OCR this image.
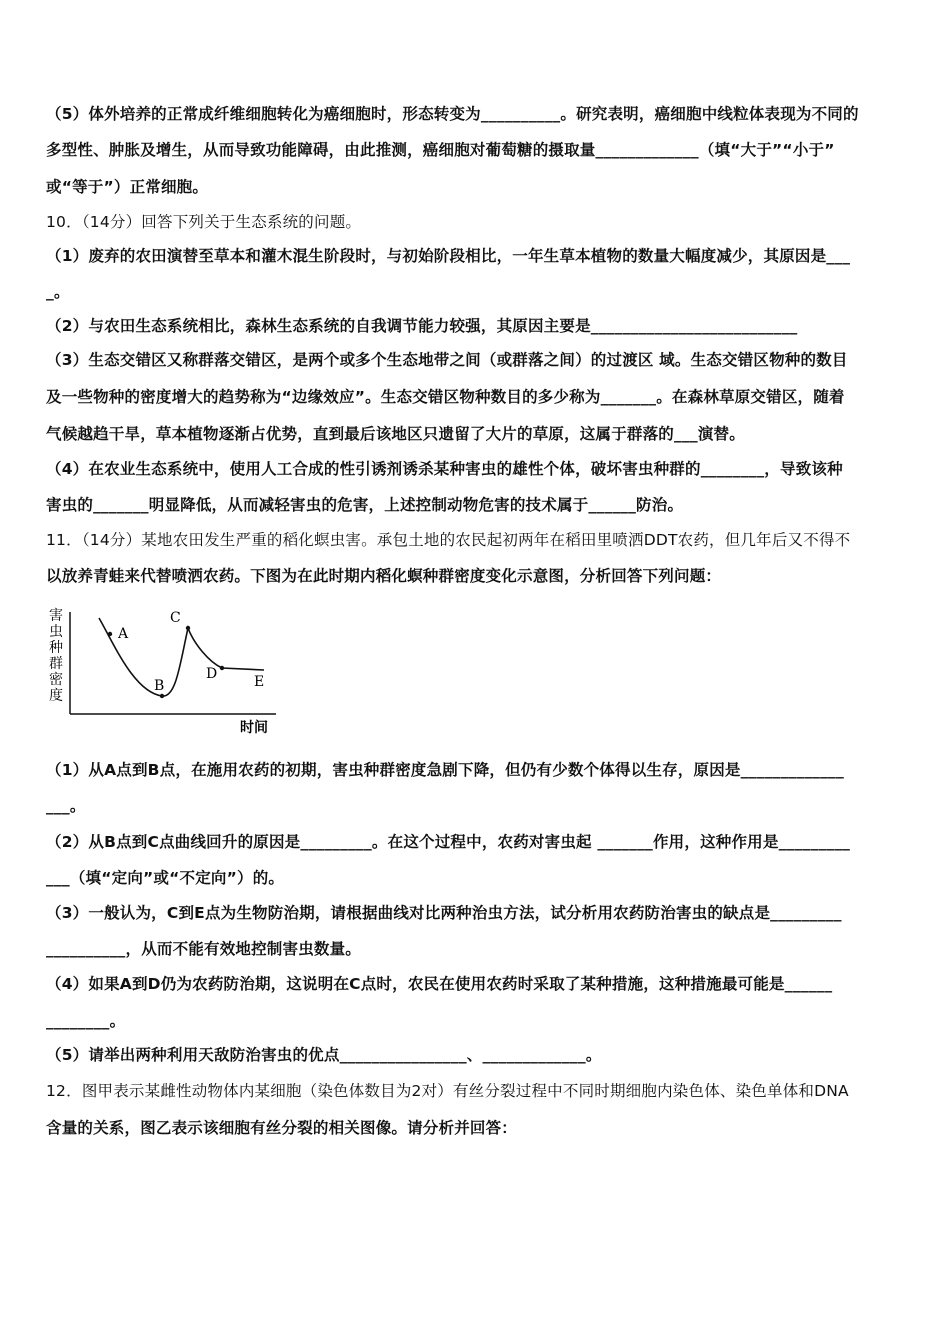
（5）体外培养的正常成纤维细胞转化为癌细胞时，形态转变为__________。研究表明，癌细胞中线粒体表现为不同的
多型性、肿胀及增生，从而导致功能障碍，由此推测，癌细胞对葡萄糖的摄取量_____________（填“大于”“小于”
或“等于”）正常细胞。
10．（14分）回答下列关于生态系统的问题。
（1）废弃的农田演替至草本和灌木混生阶段时，与初始阶段相比，一年生草本植物的数量大幅度减少，其原因是___
_。
（2）与农田生态系统相比，森林生态系统的自我调节能力较强，其原因主要是__________________________
（3）生态交错区又称群落交错区，是两个或多个生态地带之间（或群落之间）的过渡区 域。生态交错区物种的数目
及一些物种的密度增大的趋势称为“边缘效应”。生态交错区物种数目的多少称为_______。在森林草原交错区，随着
气候越趋干旱，草本植物逐渐占优势，直到最后该地区只遗留了大片的草原，这属于群落的___演替。
（4）在农业生态系统中，使用人工合成的性引诱剂诱杀某种害虫的雄性个体，破坏害虫种群的________，导致该种
害虫的_______明显降低，从而减轻害虫的危害，上述控制动物危害的技术属于______防治。
11．（14分）某地农田发生严重的稻化螟虫害。承包土地的农民起初两年在稻田里喷洒DDT农药，但几年后又不得不
以放养青蛙来代替喷洒农药。下图为在此时期内稻化螟种群密度变化示意图，分析回答下列问题：
害
虫
种
群
密
度
A
B
C
D	E
时间
（1）从A点到B点，在施用农药的初期，害虫种群密度急剧下降，但仍有少数个体得以生存，原因是_____________
___。
（2）从B点到C点曲线回升的原因是_________。在这个过程中，农药对害虫起 _______作用，这种作用是_________
___（填“定向”或“不定向”）的。
（3）一般认为，C到E点为生物防治期，请根据曲线对比两种治虫方法，试分析用农药防治害虫的缺点是_________
__________，从而不能有效地控制害虫数量。
（4）如果A到D仍为农药防治期，这说明在C点时，农民在使用农药时采取了某种措施，这种措施最可能是______
________。
（5）请举出两种利用天敌防治害虫的优点________________、_____________。
12．图甲表示某雌性动物体内某细胞（染色体数目为2对）有丝分裂过程中不同时期细胞内染色体、染色单体和DNA
含量的关系，图乙表示该细胞有丝分裂的相关图像。请分析并回答：
